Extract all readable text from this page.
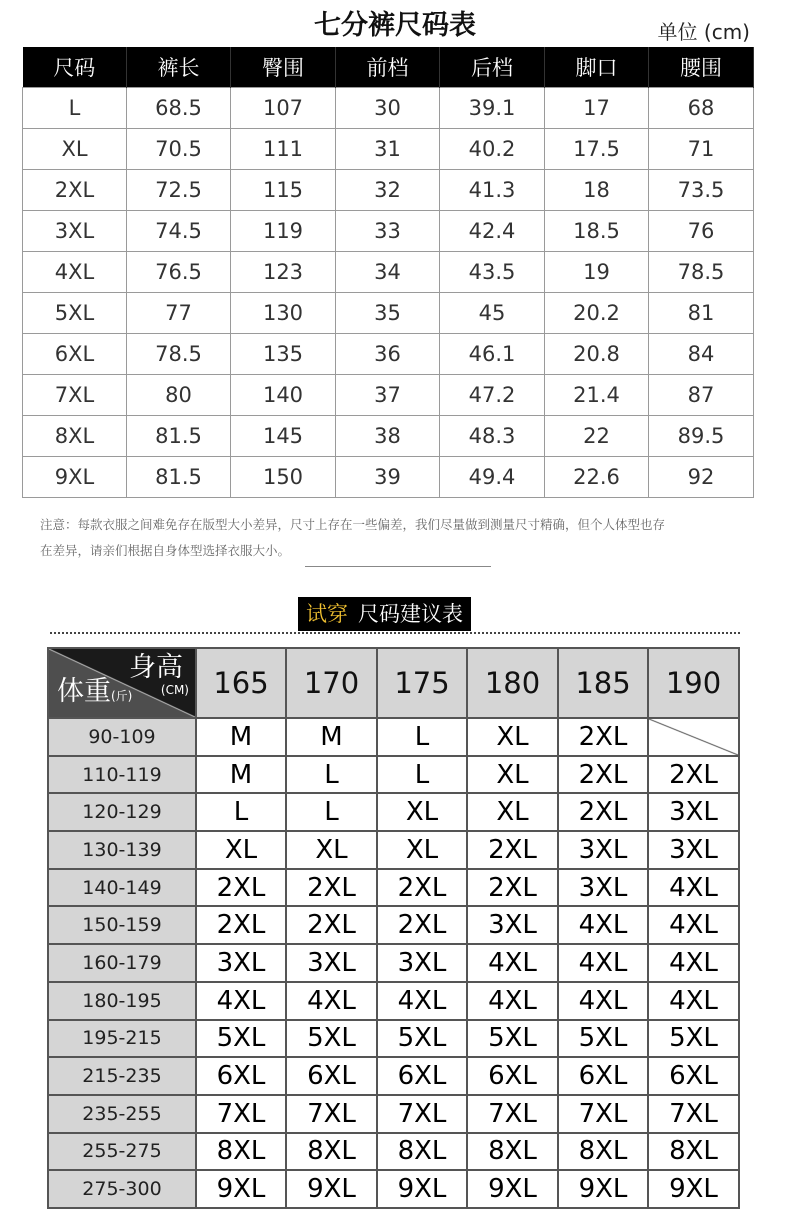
七分裤尺码表	单位 (cm)
尺码	裤长	臀围	前档	后档	脚口	腰围
L	68.5	107	30	39.1	17	68
XL	70.5	111	31	40.2	17.5	71
2XL	72.5	115	32	41.3	18	73.5
3XL	74.5	119	33	42.4	18.5	76
4XL	76.5	123	34	43.5	19	78.5
5XL	77	130	35	45	20.2	81
6XL	78.5	135	36	46.1	20.8	84
7XL	80	140	37	47.2	21.4	87
8XL	81.5	145	38	48.3	22	89.5
9XL	81.5	150	39	49.4	22.6	92
注意：每款衣服之间难免存在版型大小差异，尺寸上存在一些偏差，我们尽量做到测量尺寸精确，但个人体型也存
在差异，请亲们根据自身体型选择衣服大小。
试穿 尺码建议表
身高
(CM)
体重(斤)	165	170	175	180	185	190
90-109	M	M	L	XL	2XL	
110-119	M	L	L	XL	2XL	2XL
120-129	L	L	XL	XL	2XL	3XL
130-139	XL	XL	XL	2XL	3XL	3XL
140-149	2XL	2XL	2XL	2XL	3XL	4XL
150-159	2XL	2XL	2XL	3XL	4XL	4XL
160-179	3XL	3XL	3XL	4XL	4XL	4XL
180-195	4XL	4XL	4XL	4XL	4XL	4XL
195-215	5XL	5XL	5XL	5XL	5XL	5XL
215-235	6XL	6XL	6XL	6XL	6XL	6XL
235-255	7XL	7XL	7XL	7XL	7XL	7XL
255-275	8XL	8XL	8XL	8XL	8XL	8XL
275-300	9XL	9XL	9XL	9XL	9XL	9XL
